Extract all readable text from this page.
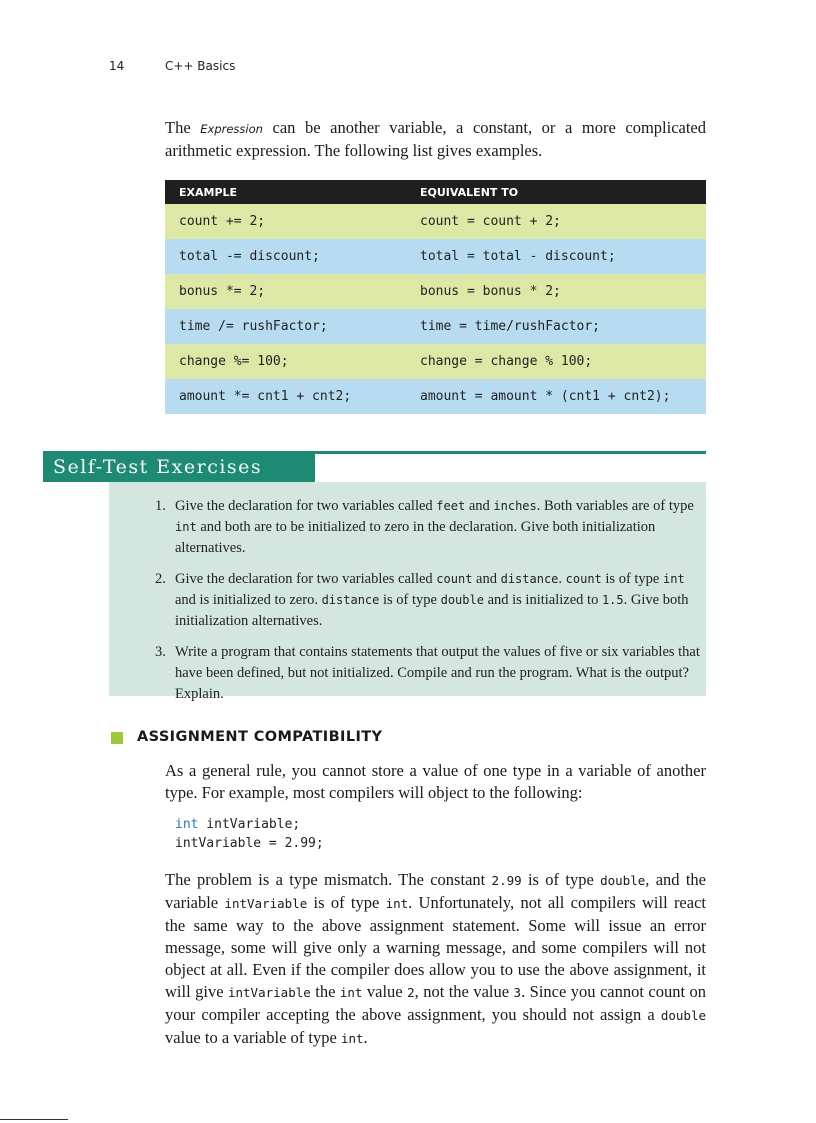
14	C++ Basics
The Expression can be another variable, a constant, or a more complicated arithmetic expression. The following list gives examples.
EXAMPLE	EQUIVALENT TO
count += 2;	count = count + 2;
total -= discount;	total = total - discount;
bonus *= 2;	bonus = bonus * 2;
time /= rushFactor;	time = time/rushFactor;
change %= 100;	change = change % 100;
amount *= cnt1 + cnt2;	amount = amount * (cnt1 + cnt2);
Self-Test Exercises
1. Give the declaration for two variables called feet and inches. Both variables are of type int and both are to be initialized to zero in the declaration. Give both initialization alternatives.
2. Give the declaration for two variables called count and distance. count is of type int and is initialized to zero. distance is of type double and is initialized to 1.5. Give both initialization alternatives.
3. Write a program that contains statements that output the values of five or six variables that have been defined, but not initialized. Compile and run the program. What is the output? Explain.
ASSIGNMENT COMPATIBILITY
As a general rule, you cannot store a value of one type in a variable of another type. For example, most compilers will object to the following:
int intVariable;
intVariable = 2.99;
The problem is a type mismatch. The constant 2.99 is of type double, and the variable intVariable is of type int. Unfortunately, not all compilers will react the same way to the above assignment statement. Some will issue an error message, some will give only a warning message, and some compilers will not object at all. Even if the compiler does allow you to use the above assignment, it will give intVariable the int value 2, not the value 3. Since you cannot count on your compiler accepting the above assignment, you should not assign a double value to a variable of type int.
